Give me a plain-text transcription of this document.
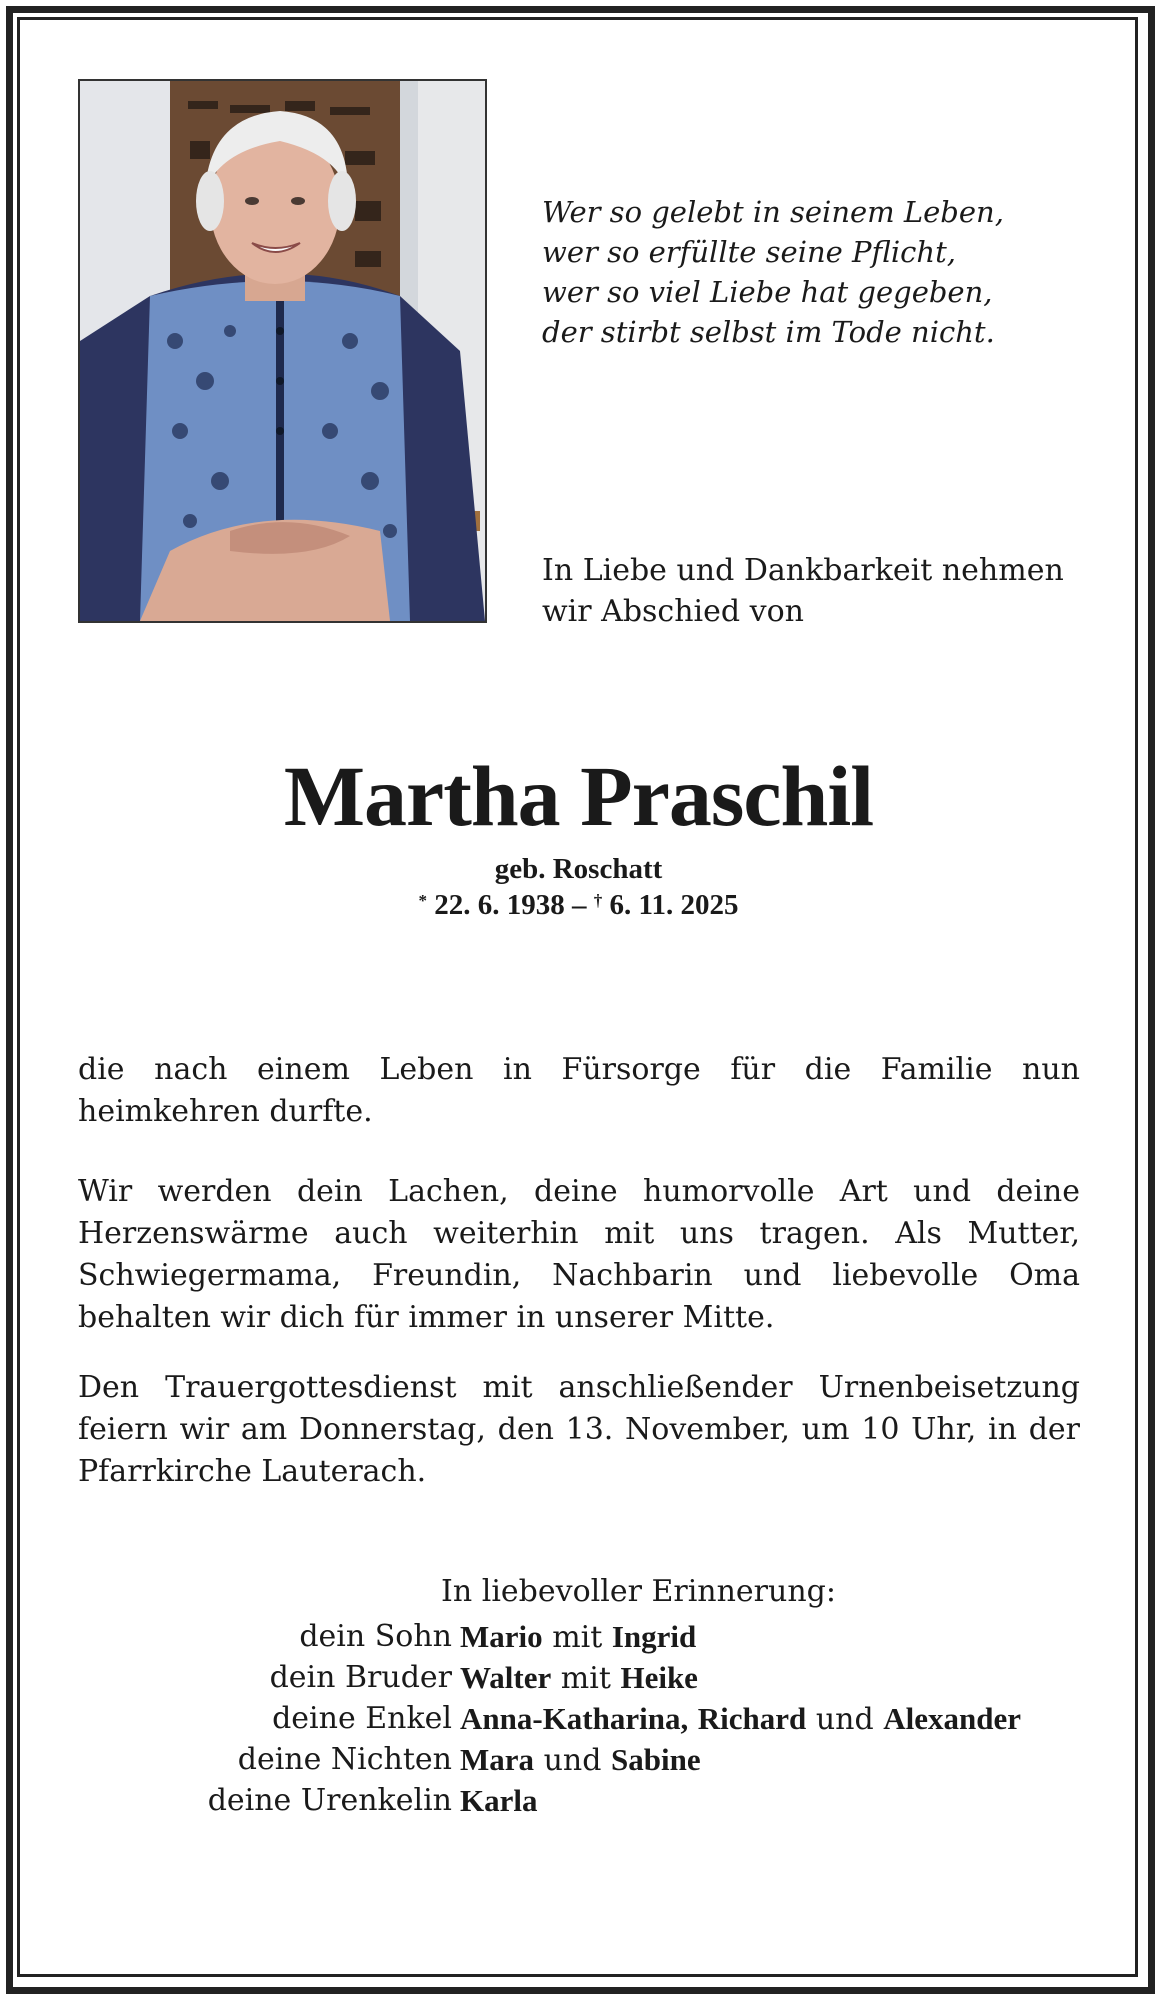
Wer so gelebt in seinem Leben,
wer so erfüllte seine Pflicht,
wer so viel Liebe hat gegeben,
der stirbt selbst im Tode nicht.
In Liebe und Dankbarkeit nehmen
wir Abschied von
Martha Praschil
geb. Roschatt
* 22. 6. 1938 – † 6. 11. 2025
die nach einem Leben in Fürsorge für die Familie nun heimkehren durfte.
Wir werden dein Lachen, deine humorvolle Art und deine Herzenswärme auch weiterhin mit uns tragen. Als Mutter, Schwiegermama, Freundin, Nachbarin und liebevolle Oma behalten wir dich für immer in unserer Mitte.
Den Trauergottesdienst mit anschließender Urnenbeisetzung feiern wir am Donnerstag, den 13. November, um 10 Uhr, in der Pfarrkirche Lauterach.
In liebevoller Erinnerung:
dein Sohn Mario mit Ingrid
dein Bruder Walter mit Heike
deine Enkel Anna-Katharina, Richard und Alexander
deine Nichten Mara und Sabine
deine Urenkelin Karla
